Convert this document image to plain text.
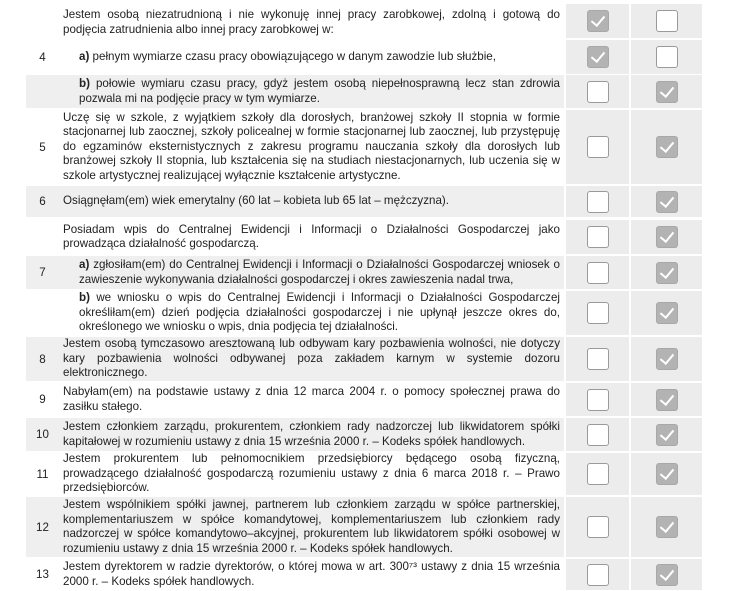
Jestem osobą niezatrudnioną i nie wykonuję innej pracy zarobkowej, zdolną i gotową do podjęcia zatrudnienia albo innej pracy zarobkowej w:
4	a) pełnym wymiarze czasu pracy obowiązującego w danym zawodzie lub służbie,
b) połowie wymiaru czasu pracy, gdyż jestem osobą niepełnosprawną lecz stan zdrowia pozwala mi na podjęcie pracy w tym wymiarze.
5
Uczę się w szkole, z wyjątkiem szkoły dla dorosłych, branżowej szkoły II stopnia w formie stacjonarnej lub zaocznej, szkoły policealnej w formie stacjonarnej lub zaocznej, lub przystępuję do egzaminów eksternistycznych z zakresu programu nauczania szkoły dla dorosłych lub branżowej szkoły II stopnia, lub kształcenia się na studiach niestacjonarnych, lub uczenia się w szkole artystycznej realizującej wyłącznie kształcenie artystyczne.
6	Osiągnęłam(em) wiek emerytalny (60 lat – kobieta lub 65 lat – mężczyzna).
Posiadam wpis do Centralnej Ewidencji i Informacji o Działalności Gospodarczej jako prowadząca działalność gospodarczą.
7
a) zgłosiłam(em) do Centralnej Ewidencji i Informacji o Działalności Gospodarczej wniosek o zawieszenie wykonywania działalności gospodarczej i okres zawieszenia nadal trwa,
b) we wniosku o wpis do Centralnej Ewidencji i Informacji o Działalności Gospodarczej określiłam(em) dzień podjęcia działalności gospodarczej i nie upłynął jeszcze okres do, określonego we wniosku o wpis, dnia podjęcia tej działalności.
8
Jestem osobą tymczasowo aresztowaną lub odbywam kary pozbawienia wolności, nie dotyczy kary pozbawienia wolności odbywanej poza zakładem karnym w systemie dozoru elektronicznego.
9
Nabyłam(em) na podstawie ustawy z dnia 12 marca 2004 r. o pomocy społecznej prawa do zasiłku stałego.
10
Jestem członkiem zarządu, prokurentem, członkiem rady nadzorczej lub likwidatorem spółki kapitałowej w rozumieniu ustawy z dnia 15 września 2000 r. – Kodeks spółek handlowych.
11
Jestem prokurentem lub pełnomocnikiem przedsiębiorcy będącego osobą fizyczną, prowadzącego działalność gospodarczą rozumieniu ustawy z dnia 6 marca 2018 r. – Prawo przedsiębiorców.
12
Jestem wspólnikiem spółki jawnej, partnerem lub członkiem zarządu w spółce partnerskiej, komplementariuszem w spółce komandytowej, komplementariuszem lub członkiem rady nadzorczej w spółce komandytowo–akcyjnej, prokurentem lub likwidatorem spółki osobowej w rozumieniu ustawy z dnia 15 września 2000 r. – Kodeks spółek handlowych.
13
Jestem dyrektorem w radzie dyrektorów, o której mowa w art. 300⁷³ ustawy z dnia 15 września 2000 r. – Kodeks spółek handlowych.
